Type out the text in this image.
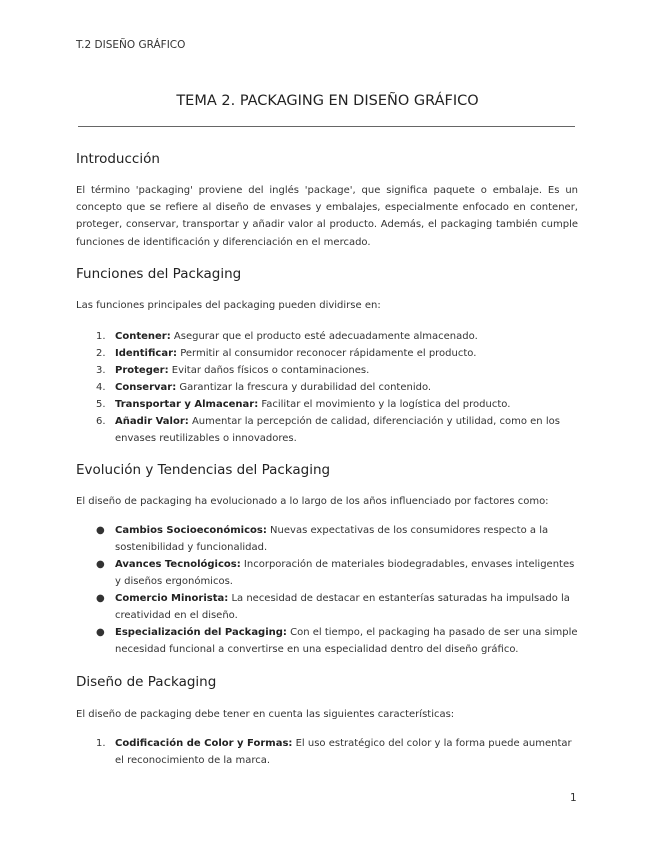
T.2 DISEÑO GRÁFICO
TEMA 2. PACKAGING EN DISEÑO GRÁFICO
Introducción
El término 'packaging' proviene del inglés 'package', que significa paquete o embalaje. Es un concepto que se refiere al diseño de envases y embalajes, especialmente enfocado en contener, proteger, conservar, transportar y añadir valor al producto. Además, el packaging también cumple funciones de identificación y diferenciación en el mercado.
Funciones del Packaging
Las funciones principales del packaging pueden dividirse en:
1. Contener: Asegurar que el producto esté adecuadamente almacenado.
2. Identificar: Permitir al consumidor reconocer rápidamente el producto.
3. Proteger: Evitar daños físicos o contaminaciones.
4. Conservar: Garantizar la frescura y durabilidad del contenido.
5. Transportar y Almacenar: Facilitar el movimiento y la logística del producto.
6. Añadir Valor: Aumentar la percepción de calidad, diferenciación y utilidad, como en los envases reutilizables o innovadores.
Evolución y Tendencias del Packaging
El diseño de packaging ha evolucionado a lo largo de los años influenciado por factores como:
● Cambios Socioeconómicos: Nuevas expectativas de los consumidores respecto a la sostenibilidad y funcionalidad.
● Avances Tecnológicos: Incorporación de materiales biodegradables, envases inteligentes y diseños ergonómicos.
● Comercio Minorista: La necesidad de destacar en estanterías saturadas ha impulsado la creatividad en el diseño.
● Especialización del Packaging: Con el tiempo, el packaging ha pasado de ser una simple necesidad funcional a convertirse en una especialidad dentro del diseño gráfico.
Diseño de Packaging
El diseño de packaging debe tener en cuenta las siguientes características:
1. Codificación de Color y Formas: El uso estratégico del color y la forma puede aumentar el reconocimiento de la marca.
1
